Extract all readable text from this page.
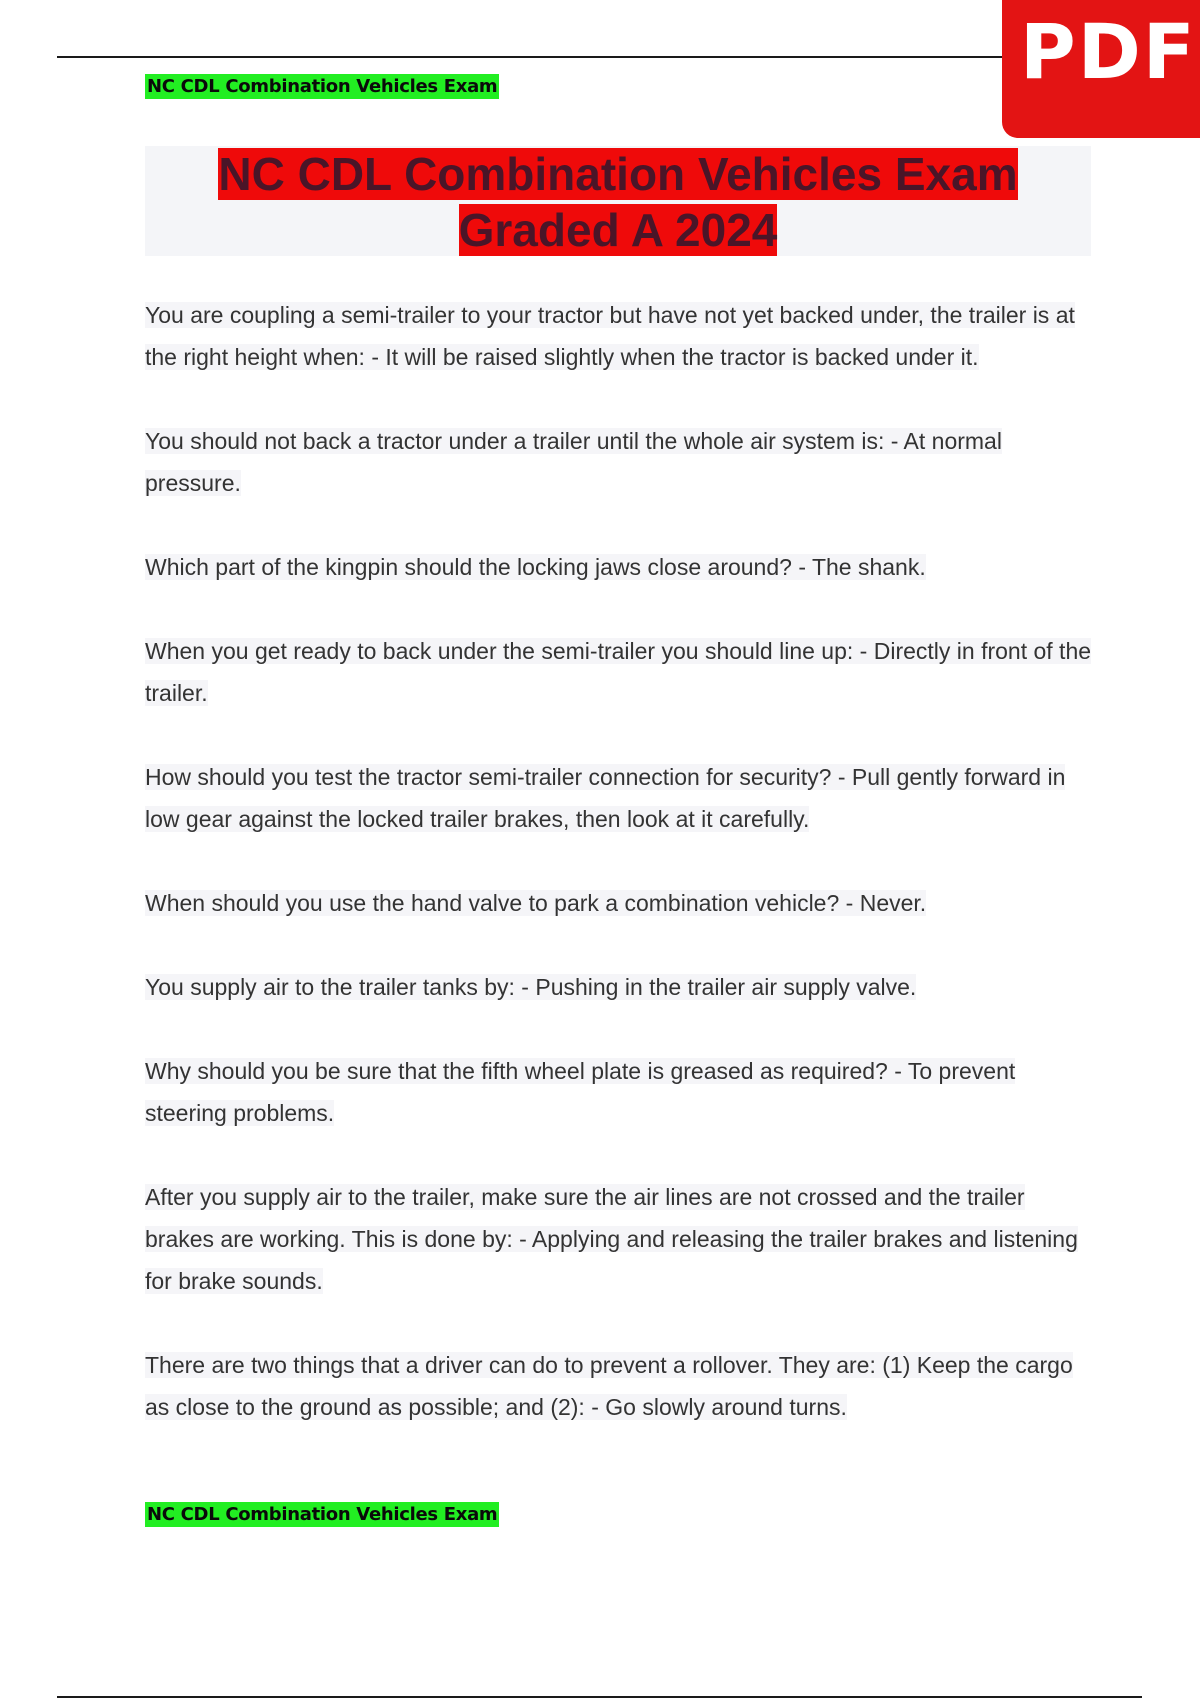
PDF
NC CDL Combination Vehicles Exam
NC CDL Combination Vehicles Exam Graded A 2024

You are coupling a semi-trailer to your tractor but have not yet backed under, the trailer is at the right height when: - It will be raised slightly when the tractor is backed under it.

You should not back a tractor under a trailer until the whole air system is: - At normal pressure.

Which part of the kingpin should the locking jaws close around? - The shank.

When you get ready to back under the semi-trailer you should line up: - Directly in front of the trailer.

How should you test the tractor semi-trailer connection for security? - Pull gently forward in low gear against the locked trailer brakes, then look at it carefully.

When should you use the hand valve to park a combination vehicle? - Never.

You supply air to the trailer tanks by: - Pushing in the trailer air supply valve.

Why should you be sure that the fifth wheel plate is greased as required? - To prevent steering problems.

After you supply air to the trailer, make sure the air lines are not crossed and the trailer brakes are working. This is done by: - Applying and releasing the trailer brakes and listening for brake sounds.

There are two things that a driver can do to prevent a rollover. They are: (1) Keep the cargo as close to the ground as possible; and (2): - Go slowly around turns.

NC CDL Combination Vehicles Exam
